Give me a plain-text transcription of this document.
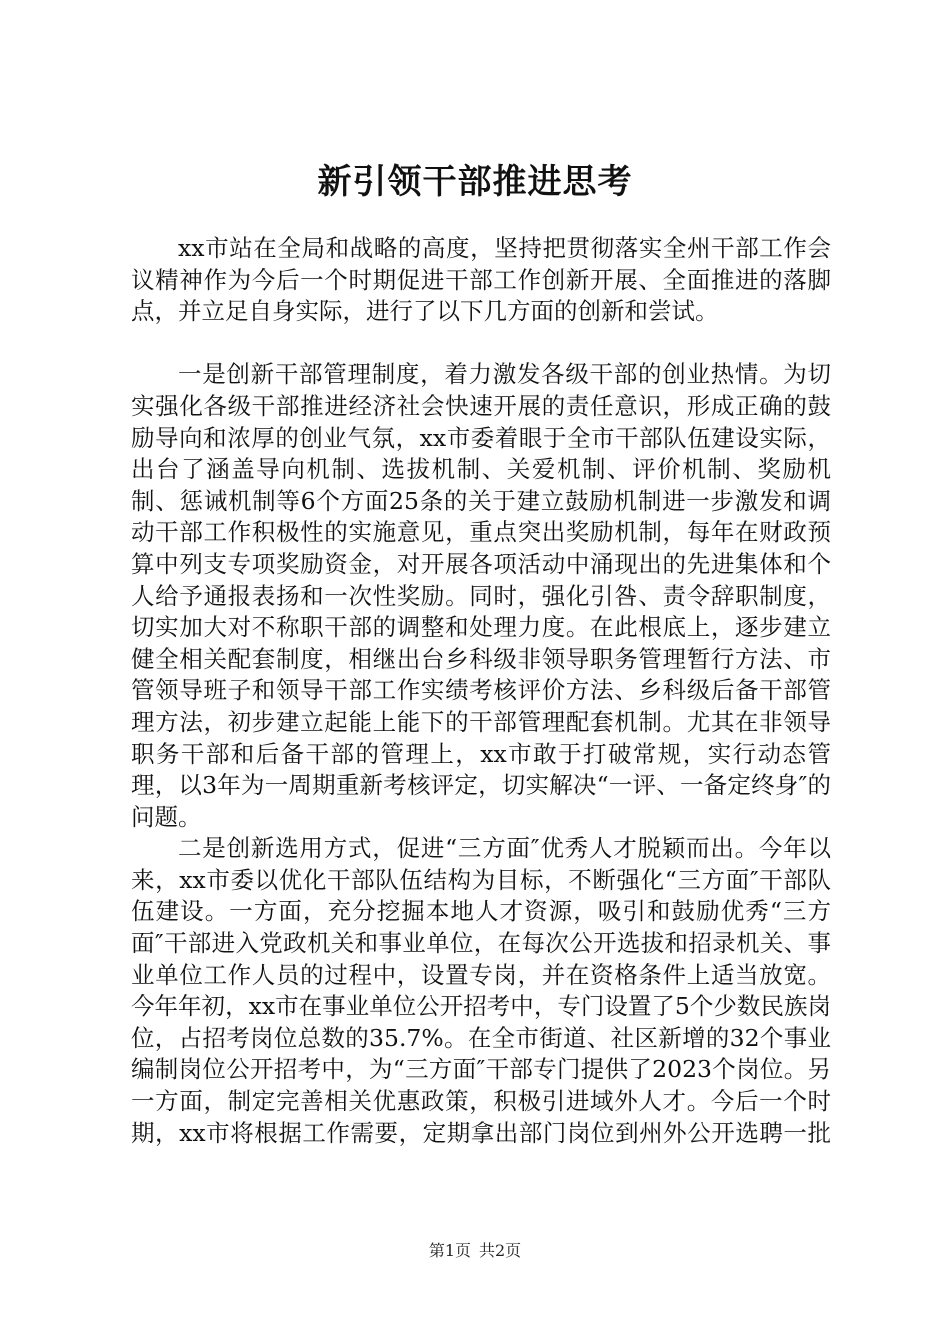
新引领干部推进思考

xx市站在全局和战略的高度，坚持把贯彻落实全州干部工作会议精神作为今后一个时期促进干部工作创新开展、全面推进的落脚点，并立足自身实际，进行了以下几方面的创新和尝试。

一是创新干部管理制度，着力激发各级干部的创业热情。为切实强化各级干部推进经济社会快速开展的责任意识，形成正确的鼓励导向和浓厚的创业气氛，xx市委着眼于全市干部队伍建设实际，出台了涵盖导向机制、选拔机制、关爱机制、评价机制、奖励机制、惩诫机制等6个方面25条的关于建立鼓励机制进一步激发和调动干部工作积极性的实施意见，重点突出奖励机制，每年在财政预算中列支专项奖励资金，对开展各项活动中涌现出的先进集体和个人给予通报表扬和一次性奖励。同时，强化引咎、责令辞职制度，切实加大对不称职干部的调整和处理力度。在此根底上，逐步建立健全相关配套制度，相继出台乡科级非领导职务管理暂行方法、市管领导班子和领导干部工作实绩考核评价方法、乡科级后备干部管理方法，初步建立起能上能下的干部管理配套机制。尤其在非领导职务干部和后备干部的管理上，xx市敢于打破常规，实行动态管理，以3年为一周期重新考核评定，切实解决“一评、一备定终身″的问题。

二是创新选用方式，促进“三方面″优秀人才脱颖而出。今年以来，xx市委以优化干部队伍结构为目标，不断强化“三方面″干部队伍建设。一方面，充分挖掘本地人才资源，吸引和鼓励优秀“三方面″干部进入党政机关和事业单位，在每次公开选拔和招录机关、事业单位工作人员的过程中，设置专岗，并在资格条件上适当放宽。今年年初，xx市在事业单位公开招考中，专门设置了5个少数民族岗位，占招考岗位总数的35.7%。在全市街道、社区新增的32个事业编制岗位公开招考中，为“三方面″干部专门提供了2023个岗位。另一方面，制定完善相关优惠政策，积极引进域外人才。今后一个时期，xx市将根据工作需要，定期拿出部门岗位到州外公开选聘一批

第1页 共2页
